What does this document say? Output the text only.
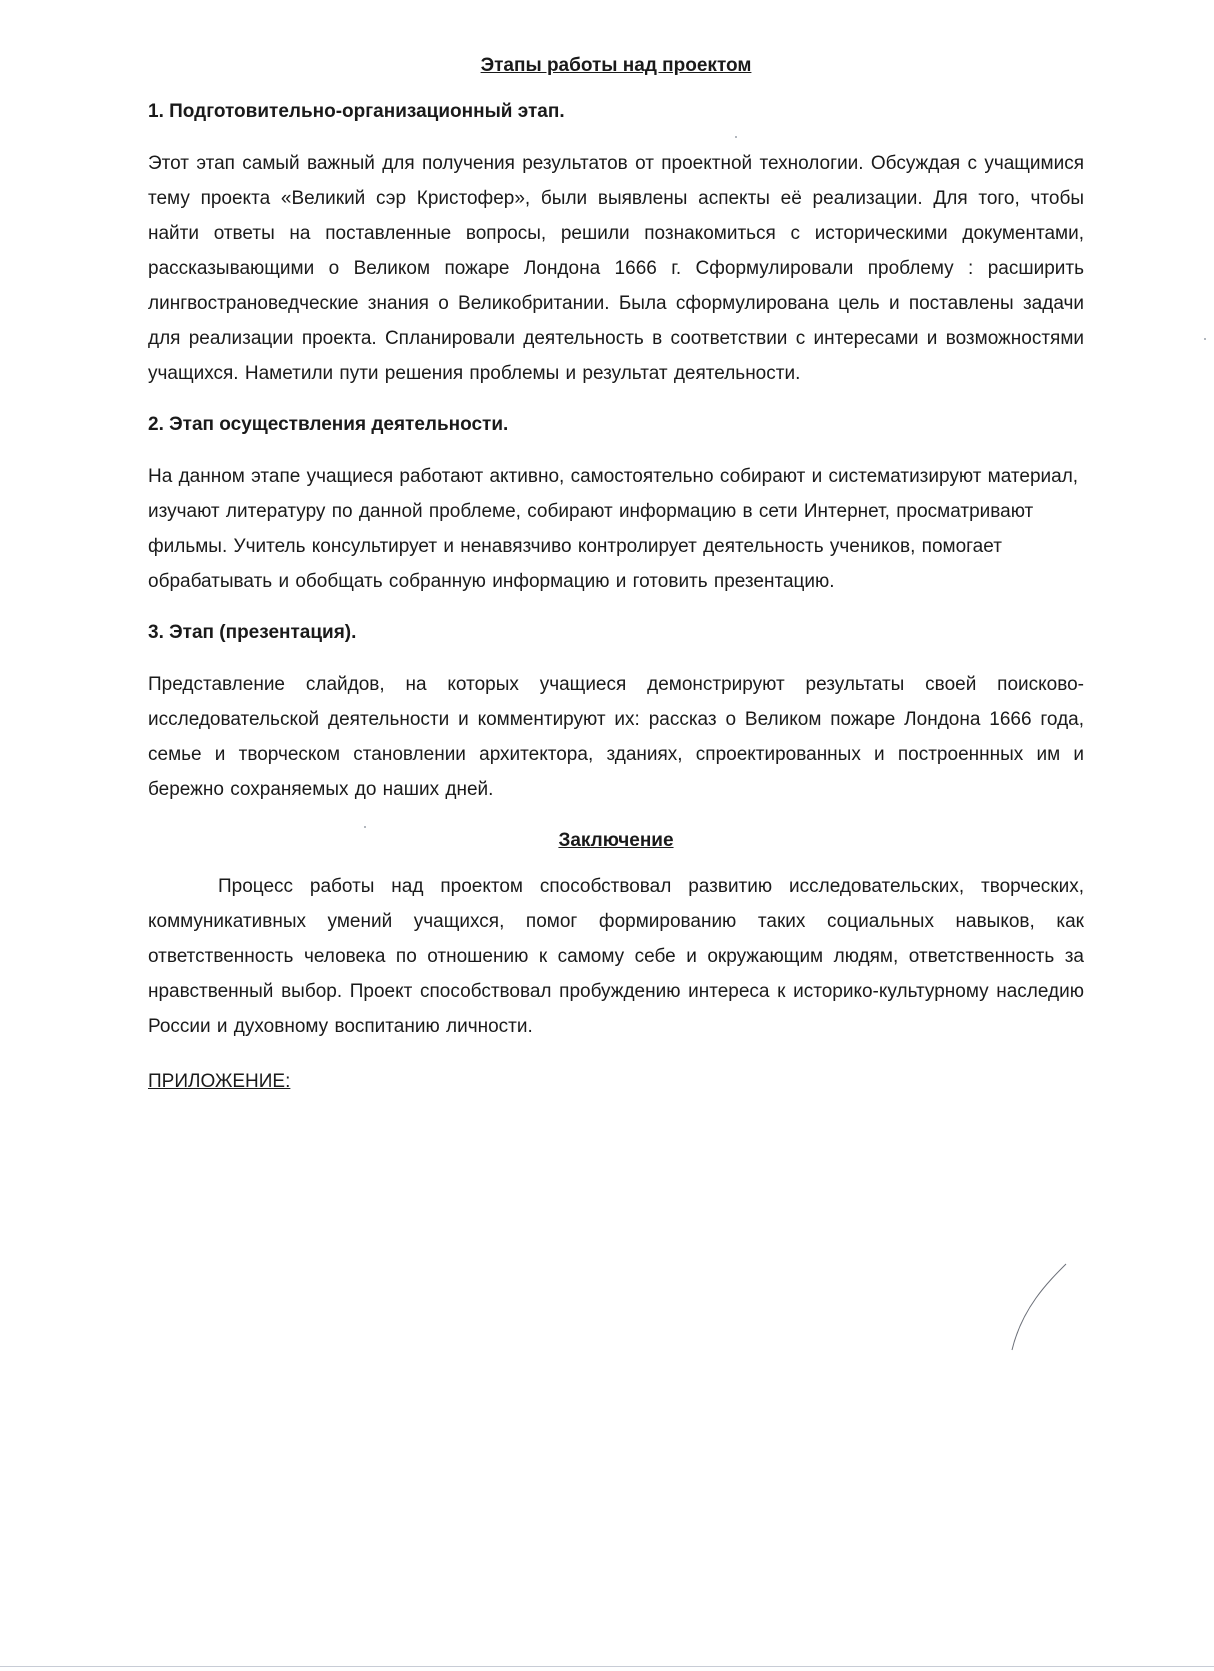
Этапы работы над проектом
1. Подготовительно-организационный этап.
Этот этап самый важный для получения результатов от проектной технологии. Обсуждая с учащимися тему проекта «Великий сэр Кристофер», были выявлены аспекты её реализации. Для того, чтобы найти ответы на поставленные вопросы, решили познакомиться с историческими документами, рассказывающими о Великом пожаре Лондона 1666 г. Сформулировали проблему : расширить лингвострановедческие знания о Великобритании. Была сформулирована цель и поставлены задачи для реализации проекта. Спланировали деятельность в соответствии с интересами и возможностями учащихся. Наметили пути решения проблемы и результат деятельности.
2. Этап осуществления деятельности.
На данном этапе учащиеся работают активно, самостоятельно собирают и систематизируют материал, изучают литературу по данной проблеме, собирают информацию в сети Интернет, просматривают фильмы. Учитель консультирует и ненавязчиво контролирует деятельность учеников, помогает обрабатывать и обобщать собранную информацию и готовить презентацию.
3. Этап (презентация).
Представление слайдов, на которых учащиеся демонстрируют результаты своей поисково-исследовательской деятельности и комментируют их: рассказ о Великом пожаре Лондона 1666 года, семье и творческом становлении архитектора, зданиях, спроектированных и построеннных им и бережно сохраняемых до наших дней.
Заключение
Процесс работы над проектом способствовал развитию исследовательских, творческих, коммуникативных умений учащихся, помог формированию таких социальных навыков, как ответственность человека по отношению к самому себе и окружающим людям, ответственность за нравственный выбор. Проект способствовал пробуждению интереса к историко-культурному наследию России и духовному воспитанию личности.
ПРИЛОЖЕНИЕ:
